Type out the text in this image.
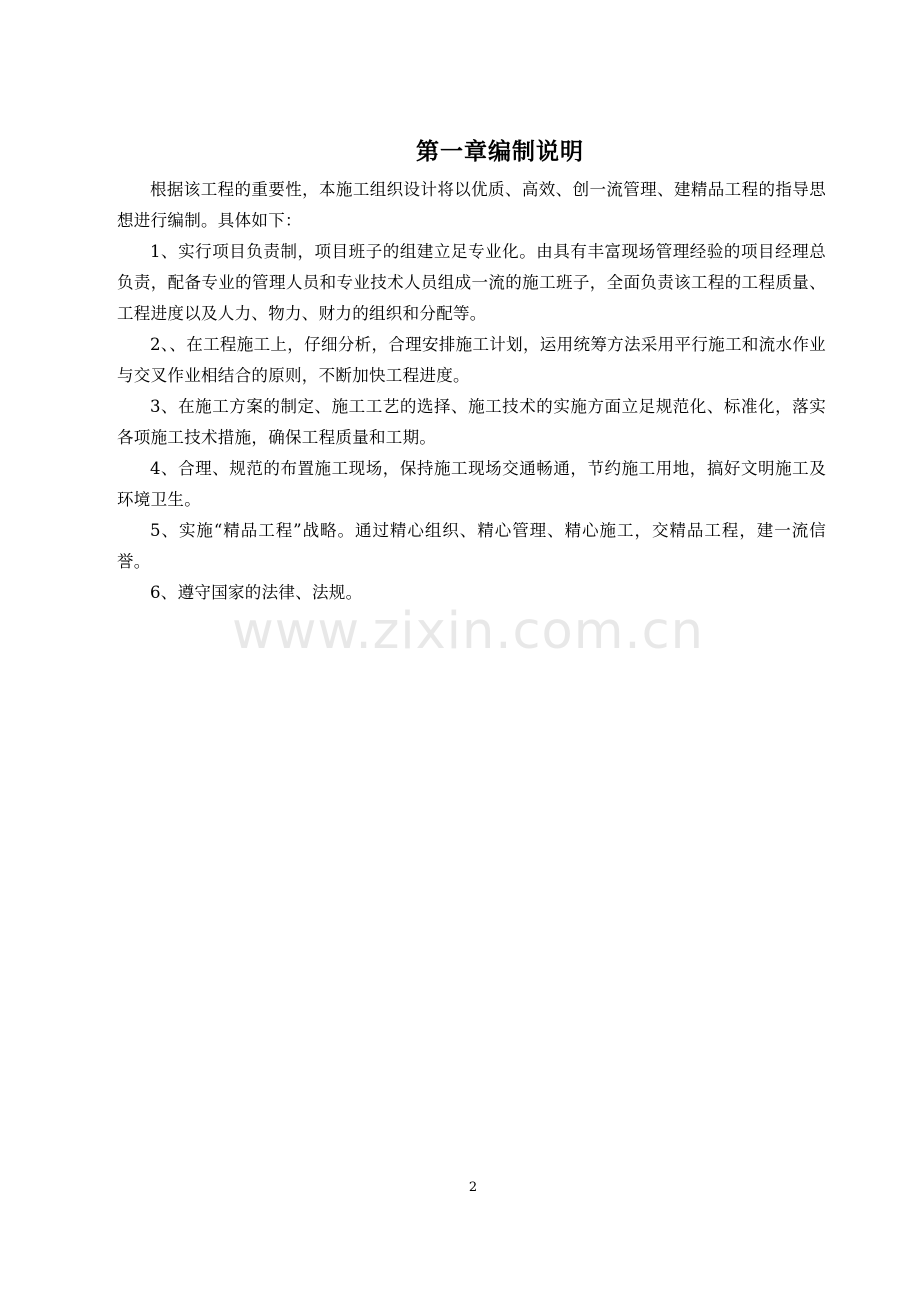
第一章编制说明

根据该工程的重要性，本施工组织设计将以优质、高效、创一流管理、建精品工程的指导思想进行编制。具体如下：

1、实行项目负责制，项目班子的组建立足专业化。由具有丰富现场管理经验的项目经理总负责，配备专业的管理人员和专业技术人员组成一流的施工班子，全面负责该工程的工程质量、工程进度以及人力、物力、财力的组织和分配等。

2、、在工程施工上，仔细分析，合理安排施工计划，运用统筹方法采用平行施工和流水作业与交叉作业相结合的原则，不断加快工程进度。

3、在施工方案的制定、施工工艺的选择、施工技术的实施方面立足规范化、标准化，落实各项施工技术措施，确保工程质量和工期。

4、合理、规范的布置施工现场，保持施工现场交通畅通，节约施工用地，搞好文明施工及环境卫生。

5、实施“精品工程”战略。通过精心组织、精心管理、精心施工，交精品工程，建一流信誉。

6、遵守国家的法律、法规。

www.zixin.com.cn
2
